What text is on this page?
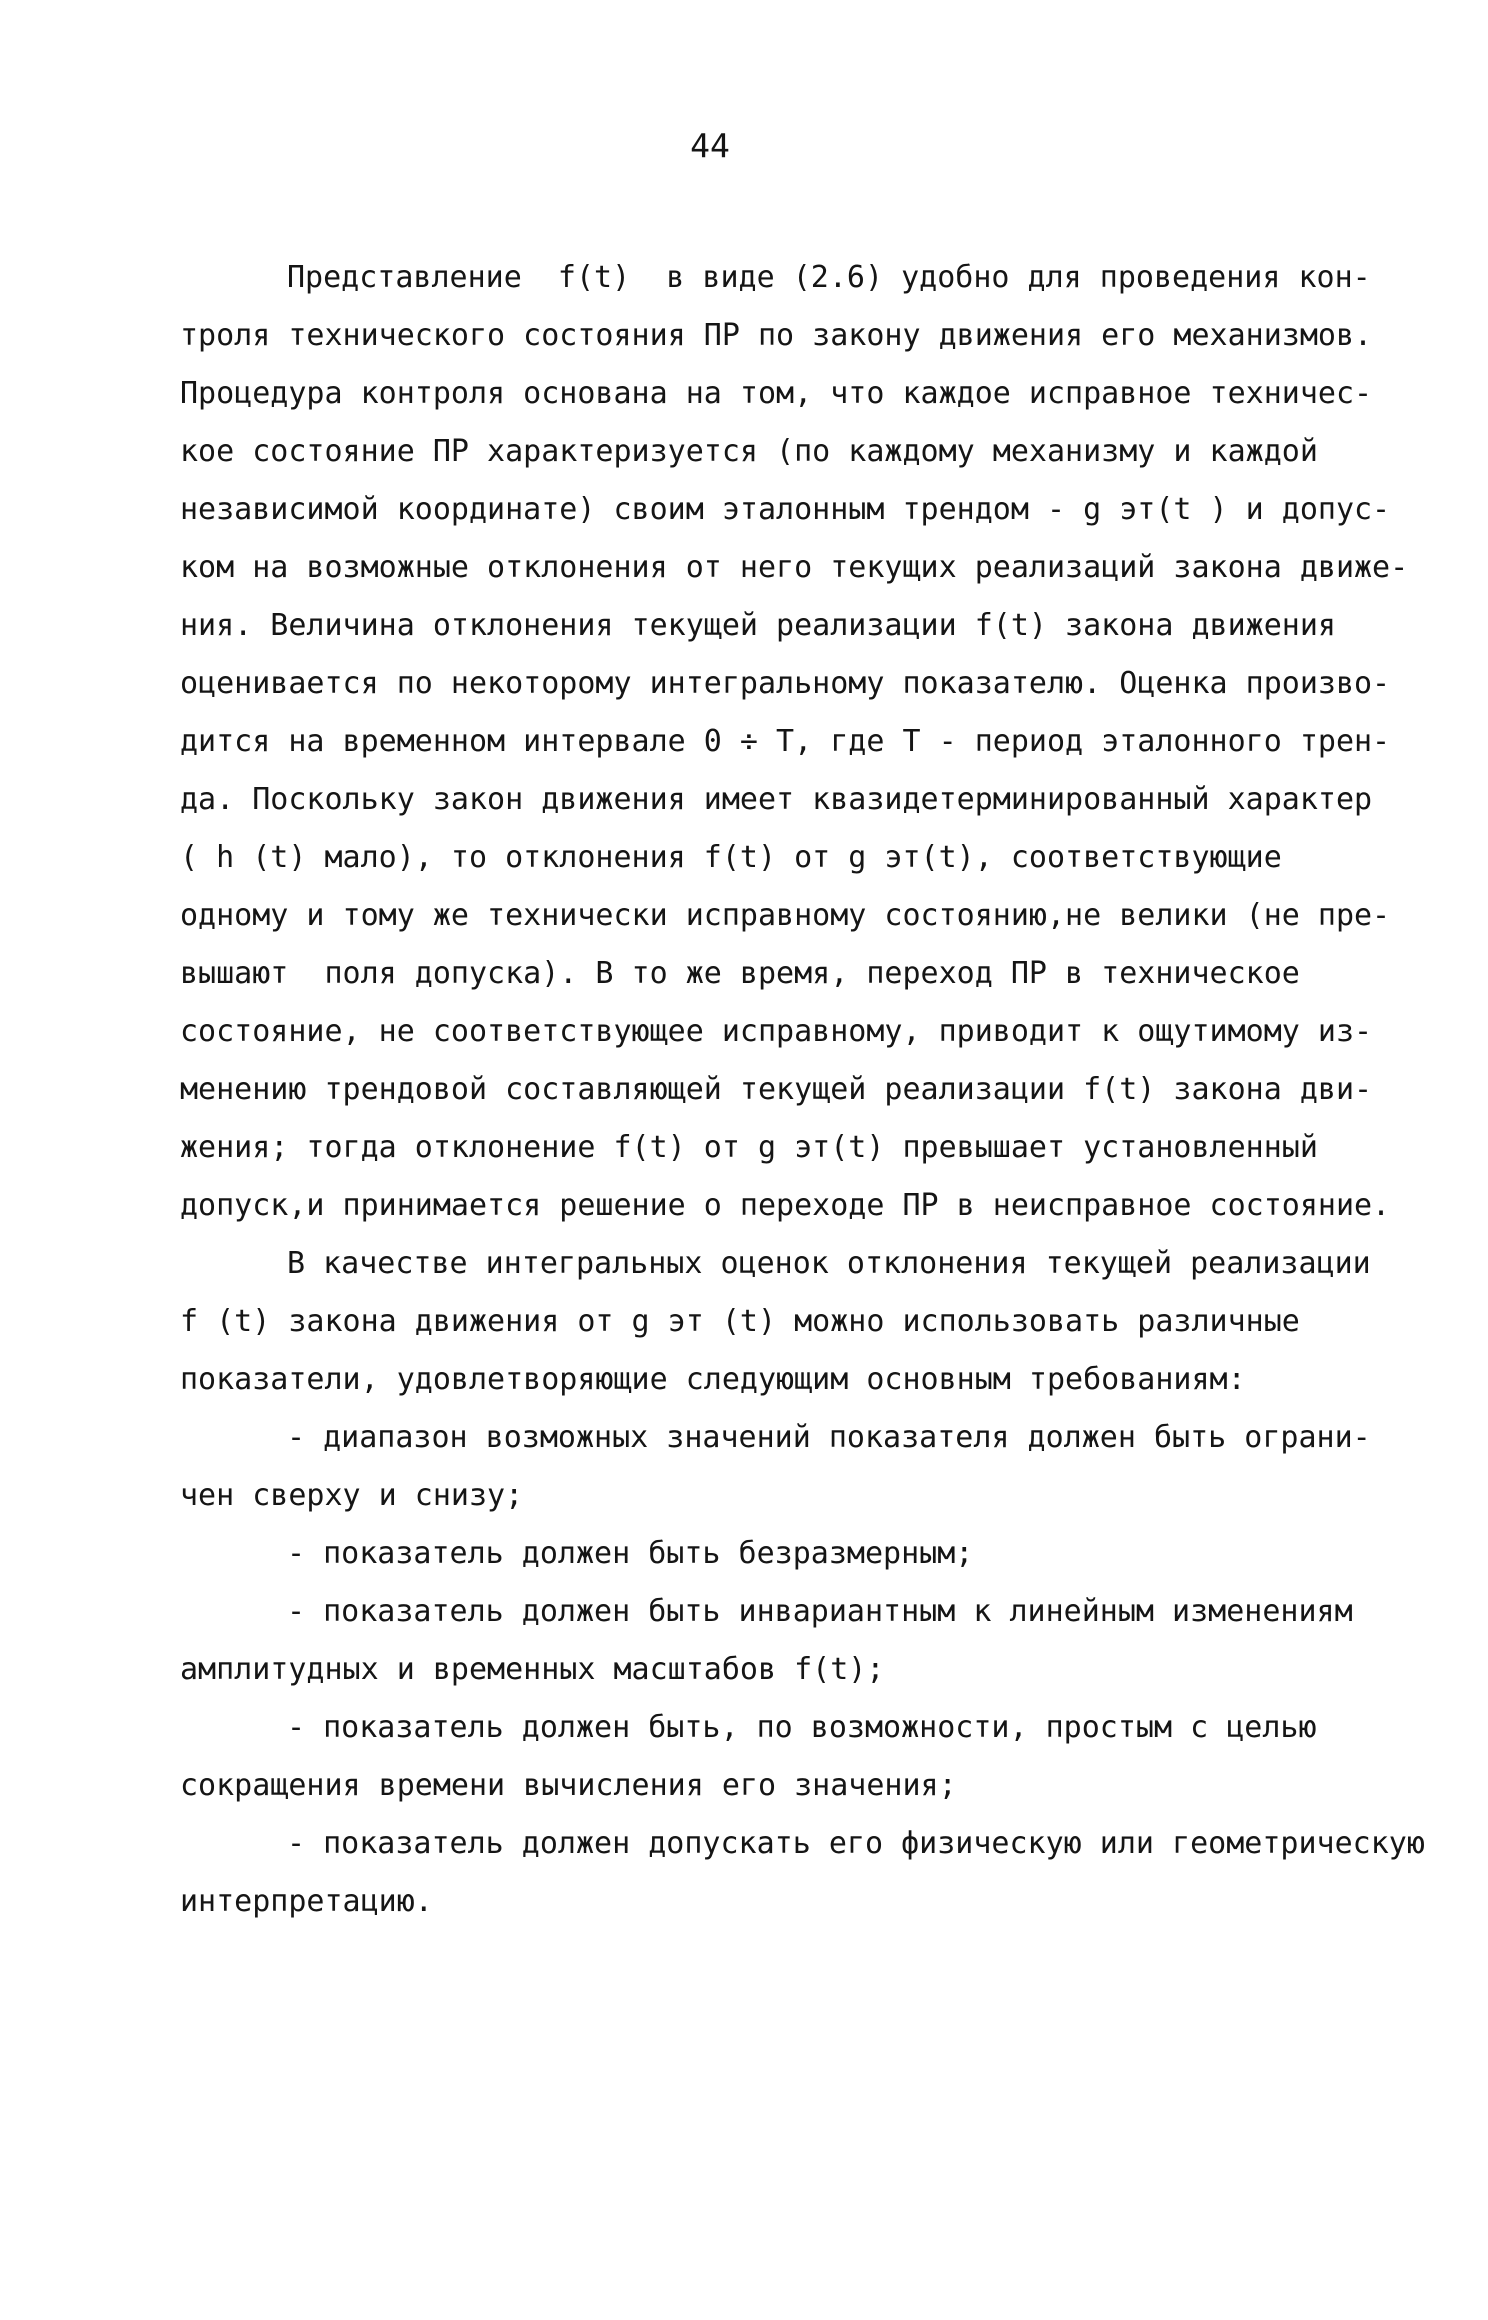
44
Представление  f(t)  в виде (2.6) удобно для проведения кон-
троля технического состояния ПР по закону движения его механизмов.
Процедура контроля основана на том, что каждое исправное техничес-
кое состояние ПР характеризуется (по каждому механизму и каждой
независимой координате) своим эталонным трендом - g эт(t ) и допус-
ком на возможные отклонения от него текущих реализаций закона движе-
ния. Величина отклонения текущей реализации f(t) закона движения
оценивается по некоторому интегральному показателю. Оценка произво-
дится на временном интервале 0 ÷ T, где T - период эталонного трен-
да. Поскольку закон движения имеет квазидетерминированный характер
( h (t) мало), то отклонения f(t) от g эт(t), соответствующие
одному и тому же технически исправному состоянию,не велики (не пре-
вышают  поля допуска). В то же время, переход ПР в техническое
состояние, не соответствующее исправному, приводит к ощутимому из-
менению трендовой составляющей текущей реализации f(t) закона дви-
жения; тогда отклонение f(t) от g эт(t) превышает установленный
допуск,и принимается решение о переходе ПР в неисправное состояние.
В качестве интегральных оценок отклонения текущей реализации
f (t) закона движения от g эт (t) можно использовать различные
показатели, удовлетворяющие следующим основным требованиям:
- диапазон возможных значений показателя должен быть ограни-
чен сверху и снизу;
- показатель должен быть безразмерным;
- показатель должен быть инвариантным к линейным изменениям
амплитудных и временных масштабов f(t);
- показатель должен быть, по возможности, простым с целью
сокращения времени вычисления его значения;
- показатель должен допускать его физическую или геометрическую
интерпретацию.
